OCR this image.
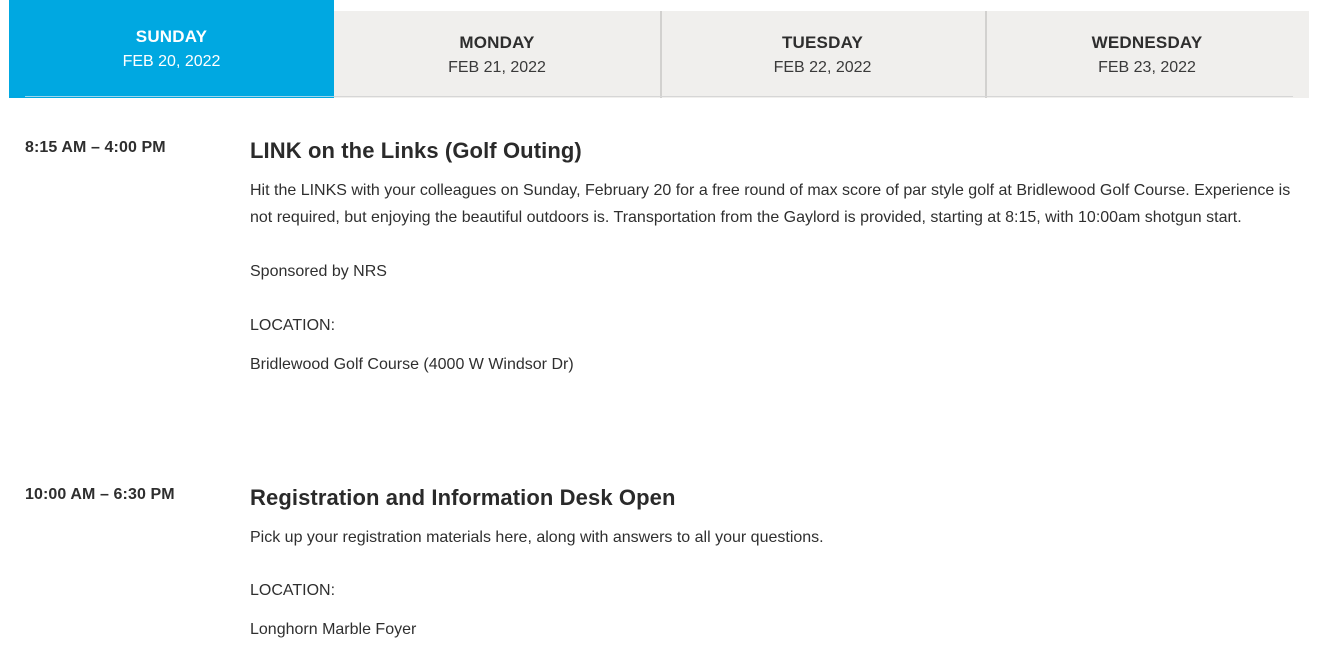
SUNDAY
FEB 20, 2022
MONDAY
FEB 21, 2022
TUESDAY
FEB 22, 2022
WEDNESDAY
FEB 23, 2022
8:15 AM – 4:00 PM	LINK on the Links (Golf Outing)
Hit the LINKS with your colleagues on Sunday, February 20 for a free round of max score of par style golf at Bridlewood Golf Course. Experience is not required, but enjoying the beautiful outdoors is. Transportation from the Gaylord is provided, starting at 8:15, with 10:00am shotgun start.
Sponsored by NRS
LOCATION:
Bridlewood Golf Course (4000 W Windsor Dr)
10:00 AM – 6:30 PM	Registration and Information Desk Open
Pick up your registration materials here, along with answers to all your questions.
LOCATION:
Longhorn Marble Foyer
